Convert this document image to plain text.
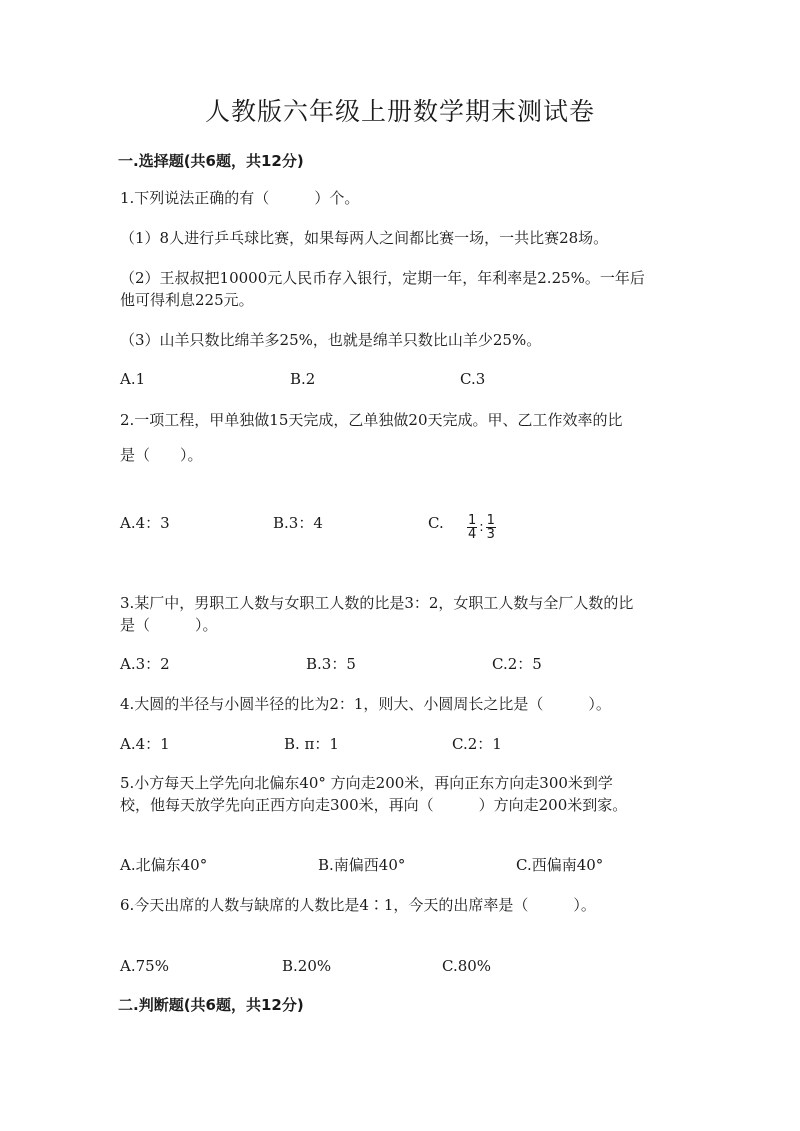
人教版六年级上册数学期末测试卷
一.选择题(共6题，共12分)
1.下列说法正确的有（　　　）个。
（1）8人进行乒乓球比赛，如果每两人之间都比赛一场，一共比赛28场。
（2）王叔叔把10000元人民币存入银行，定期一年，年利率是2.25%。一年后
他可得利息225元。
（3）山羊只数比绵羊多25%，也就是绵羊只数比山羊少25%。
A.1	B.2	C.3
2.一项工程，甲单独做15天完成，乙单独做20天完成。甲、乙工作效率的比
是（　　）。
A.4：3	B.3：4	C. $\frac{1}{4}$ : $\frac{1}{3}$
3.某厂中，男职工人数与女职工人数的比是3：2，女职工人数与全厂人数的比
是（　　　）。
A.3：2	B.3：5	C.2：5
4.大圆的半径与小圆半径的比为2：1，则大、小圆周长之比是（　　　）。
A.4：1	B. π：1	C.2：1
5.小方每天上学先向北偏东40° 方向走200米，再向正东方向走300米到学
校，他每天放学先向正西方向走300米，再向（　　　）方向走200米到家。
A.北偏东40°	B.南偏西40°	C.西偏南40°
6.今天出席的人数与缺席的人数比是4∶1，今天的出席率是（　　　）。
A.75%	B.20%	C.80%
二.判断题(共6题，共12分)
